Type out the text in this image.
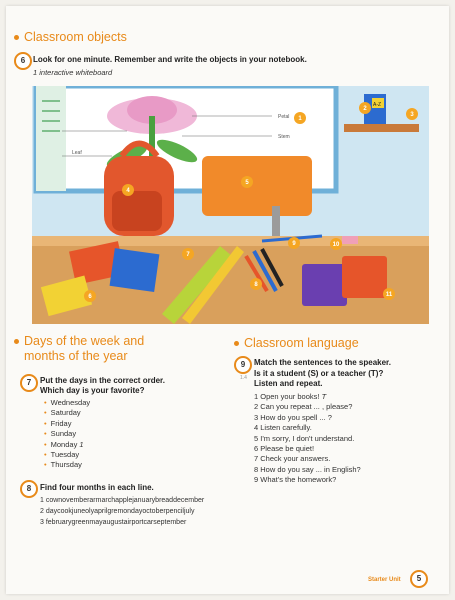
Classroom objects
6 Look for one minute. Remember and write the objects in your notebook.
1 interactive whiteboard
Petal
Stem
Leaf
A-Z
1
2
3
4
5
6
7
8
9	10
11
Days of the week and
months of the year
7	Put the days in the correct order.
Which day is your favorite?
• Wednesday
• Saturday
• Friday
• Sunday
• Monday 1
• Tuesday
• Thursday
8	Find four months in each line.
1 cownovemberarmarchapplejanuarybreaddecember
2 daycookjuneolyaprilgremondayoctoberpenciljuly
3 februarygreenmayaugustairportcarseptember
Classroom language
9
1.4
Match the sentences to the speaker.
Is it a student (S) or a teacher (T)?
Listen and repeat.
1 Open your books! T
2 Can you repeat ... , please?
3 How do you spell ... ?
4 Listen carefully.
5 I'm sorry, I don't understand.
6 Please be quiet!
7 Check your answers.
8 How do you say ... in English?
9 What's the homework?
Starter Unit	5
